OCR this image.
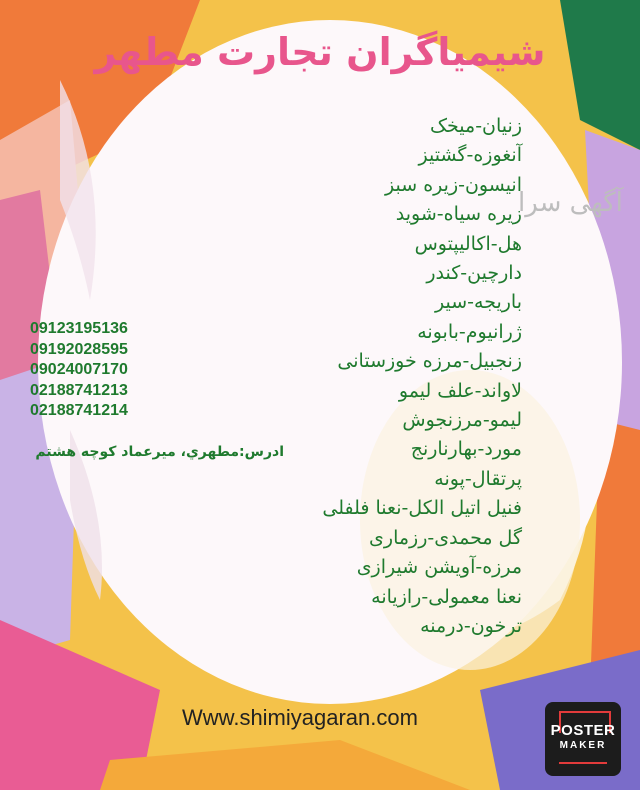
شیمیاگران تجارت مطهر
آگهی سرا
زنیان-میخک
آنغوزه-گشتیز
انیسون-زیره سبز
زیره سیاه-شوید
هل-اکالیپتوس
دارچین-کندر
باریجه-سیر
ژرانیوم-بابونه
زنجبیل-مرزه خوزستانی
لاواند-علف لیمو
لیمو-مرزنجوش
مورد-بهارنارنج
پرتقال-پونه
فنیل اتیل الکل-نعنا فلفلی
گل محمدی-رزماری
مرزه-آویشن شیرازی
نعنا معمولی-رازیانه
ترخون-درمنه
09123195136
09192028595
09024007170
02188741213
02188741214
ادرس:مطهري، میرعماد کوچه هشتم
Www.shimiyagaran.com
POSTER
MAKER
